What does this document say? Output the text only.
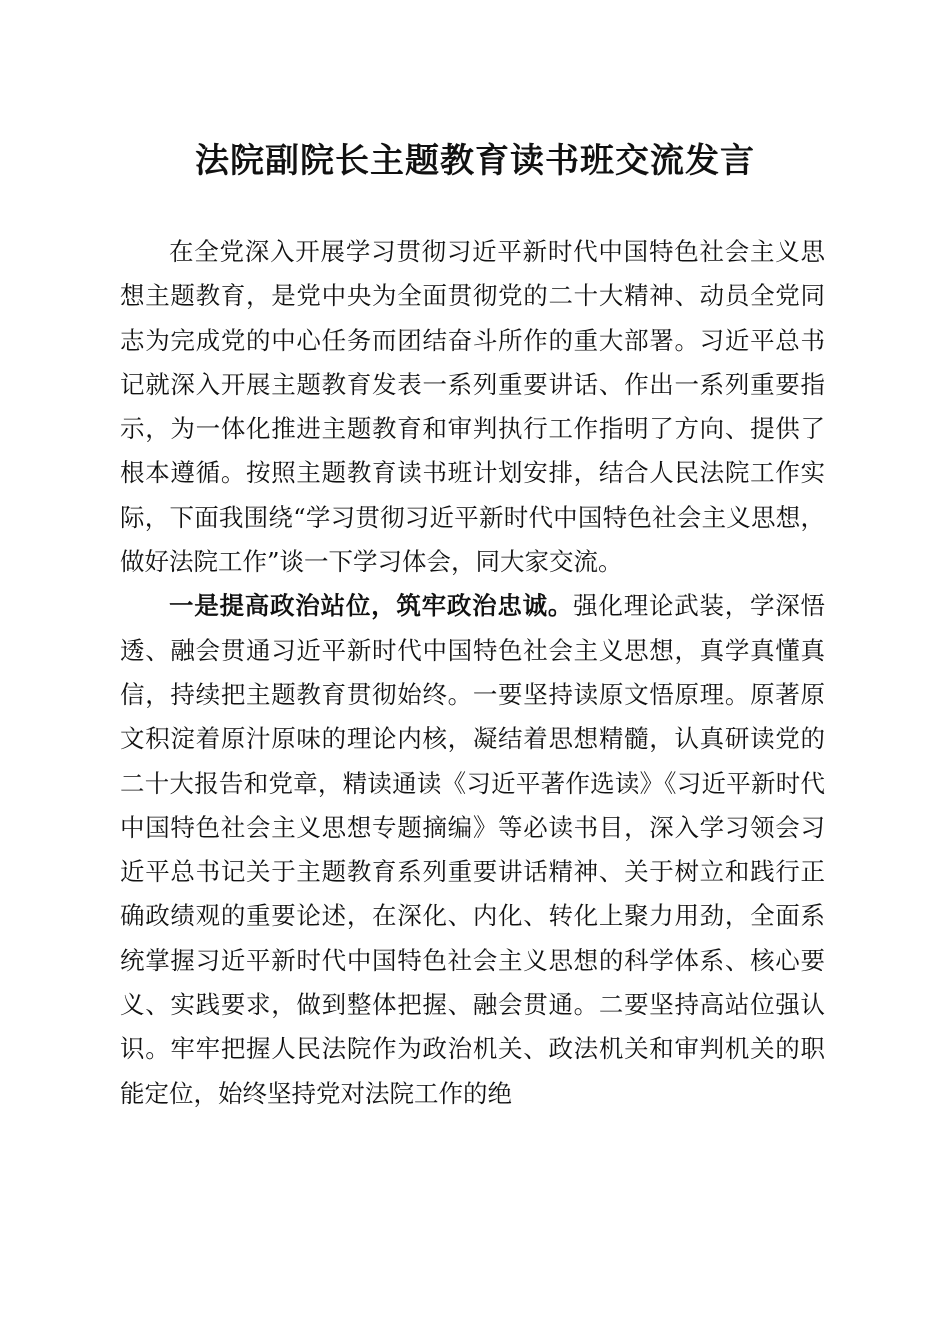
法院副院长主题教育读书班交流发言

在全党深入开展学习贯彻习近平新时代中国特色社会主义思想主题教育，是党中央为全面贯彻党的二十大精神、动员全党同志为完成党的中心任务而团结奋斗所作的重大部署。习近平总书记就深入开展主题教育发表一系列重要讲话、作出一系列重要指示，为一体化推进主题教育和审判执行工作指明了方向、提供了根本遵循。按照主题教育读书班计划安排，结合人民法院工作实际，下面我围绕“学习贯彻习近平新时代中国特色社会主义思想，做好法院工作”谈一下学习体会，同大家交流。

一是提高政治站位，筑牢政治忠诚。强化理论武装，学深悟透、融会贯通习近平新时代中国特色社会主义思想，真学真懂真信，持续把主题教育贯彻始终。一要坚持读原文悟原理。原著原文积淀着原汁原味的理论内核，凝结着思想精髓，认真研读党的二十大报告和党章，精读通读《习近平著作选读》《习近平新时代中国特色社会主义思想专题摘编》等必读书目，深入学习领会习近平总书记关于主题教育系列重要讲话精神、关于树立和践行正确政绩观的重要论述，在深化、内化、转化上聚力用劲，全面系统掌握习近平新时代中国特色社会主义思想的科学体系、核心要义、实践要求，做到整体把握、融会贯通。二要坚持高站位强认识。牢牢把握人民法院作为政治机关、政法机关和审判机关的职能定位，始终坚持党对法院工作的绝
